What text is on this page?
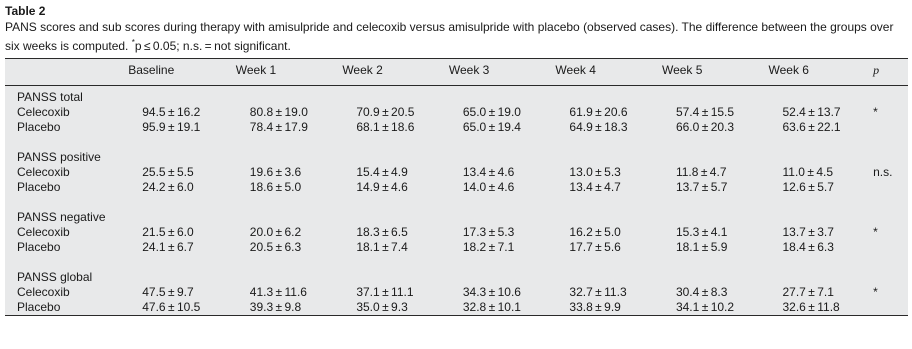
Table 2
PANS scores and sub scores during therapy with amisulpride and celecoxib versus amisulpride with placebo (observed cases). The difference between the groups over six weeks is computed. *p ≤ 0.05; n.s. = not significant.
	Baseline	Week 1	Week 2	Week 3	Week 4	Week 5	Week 6	p
PANSS total								
Celecoxib	94.5 ± 16.2	80.8 ± 19.0	70.9 ± 20.5	65.0 ± 19.0	61.9 ± 20.6	57.4 ± 15.5	52.4 ± 13.7	*
Placebo	95.9 ± 19.1	78.4 ± 17.9	68.1 ± 18.6	65.0 ± 19.4	64.9 ± 18.3	66.0 ± 20.3	63.6 ± 22.1	

PANSS positive								
Celecoxib	25.5 ± 5.5	19.6 ± 3.6	15.4 ± 4.9	13.4 ± 4.6	13.0 ± 5.3	11.8 ± 4.7	11.0 ± 4.5	n.s.
Placebo	24.2 ± 6.0	18.6 ± 5.0	14.9 ± 4.6	14.0 ± 4.6	13.4 ± 4.7	13.7 ± 5.7	12.6 ± 5.7	

PANSS negative								
Celecoxib	21.5 ± 6.0	20.0 ± 6.2	18.3 ± 6.5	17.3 ± 5.3	16.2 ± 5.0	15.3 ± 4.1	13.7 ± 3.7	*
Placebo	24.1 ± 6.7	20.5 ± 6.3	18.1 ± 7.4	18.2 ± 7.1	17.7 ± 5.6	18.1 ± 5.9	18.4 ± 6.3	

PANSS global								
Celecoxib	47.5 ± 9.7	41.3 ± 11.6	37.1 ± 11.1	34.3 ± 10.6	32.7 ± 11.3	30.4 ± 8.3	27.7 ± 7.1	*
Placebo	47.6 ± 10.5	39.3 ± 9.8	35.0 ± 9.3	32.8 ± 10.1	33.8 ± 9.9	34.1 ± 10.2	32.6 ± 11.8	
